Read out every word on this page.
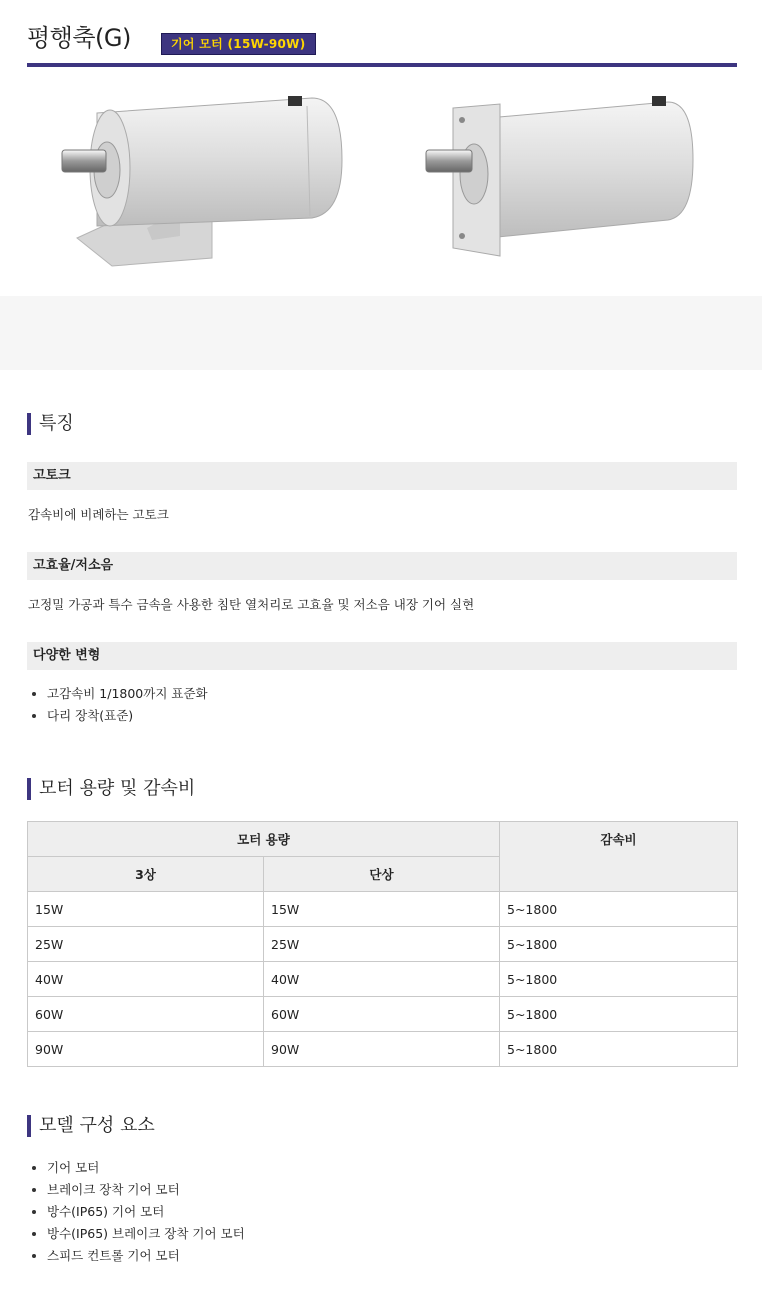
평행축(G)	기어 모터 (15W-90W)
특징
고토크
감속비에 비례하는 고토크
고효율/저소음
고정밀 가공과 특수 금속을 사용한 침탄 열처리로 고효율 및 저소음 내장 기어 실현
다양한 변형
고감속비 1/1800까지 표준화
다리 장착(표준)
모터 용량 및 감속비
모터 용량		감속비
3상	단상	
15W	15W	5~1800
25W	25W	5~1800
40W	40W	5~1800
60W	60W	5~1800
90W	90W	5~1800
모델 구성 요소
기어 모터
브레이크 장착 기어 모터
방수(IP65) 기어 모터
방수(IP65) 브레이크 장착 기어 모터
스피드 컨트롤 기어 모터
